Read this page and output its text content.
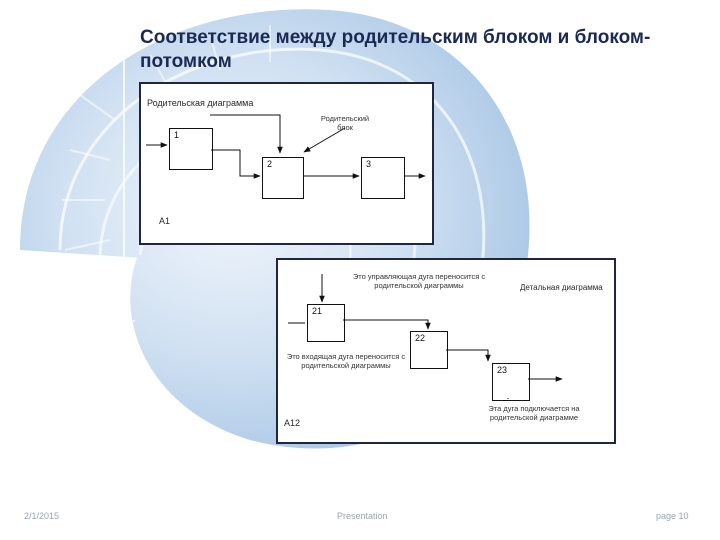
Соответствие между родительским блоком и блоком-потомком
Родительская диаграмма
Родительский блок
1
2	3
A1
Это управляющая дуга переносится с родительской диаграммы	Детальная диаграмма
21
22
23
Это входящая дуга переносится с родительской диаграммы
Эта дуга подключается на родительской диаграмме
A12
2/1/2015	Presentation	page 10
